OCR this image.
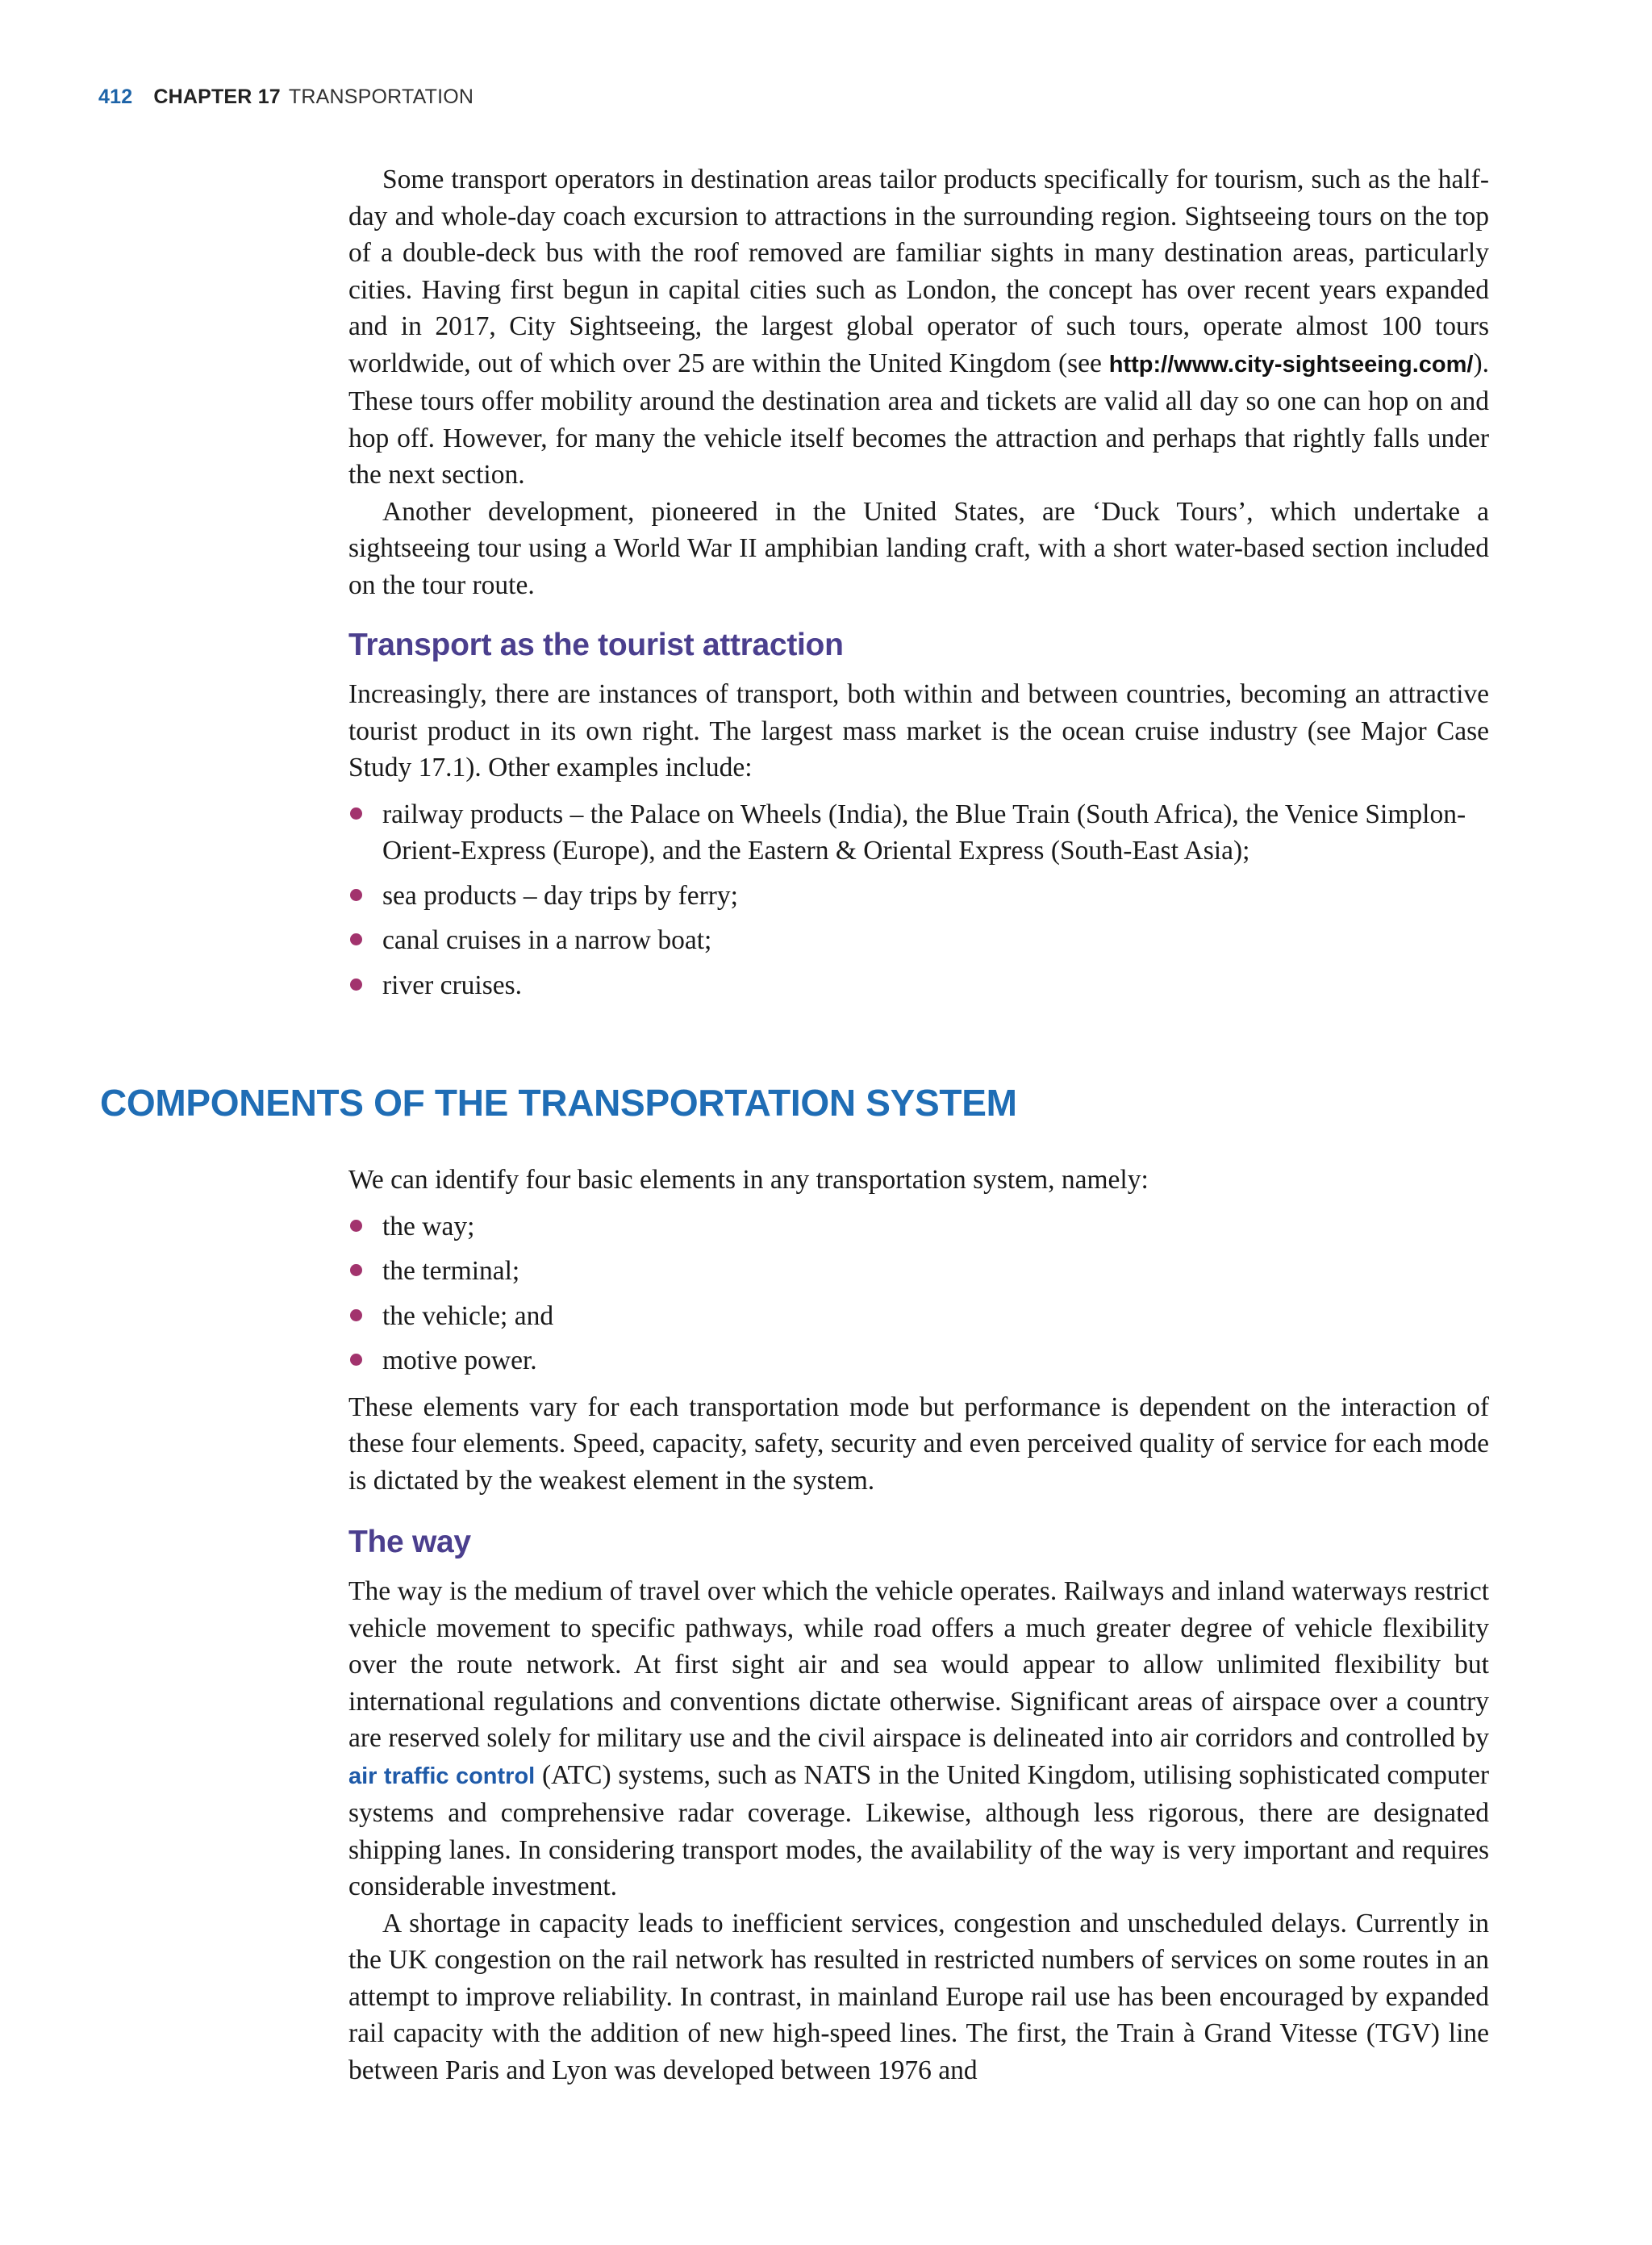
412 CHAPTER 17 TRANSPORTATION

Some transport operators in destination areas tailor products specifically for tourism, such as the half-day and whole-day coach excursion to attractions in the surrounding region. Sightseeing tours on the top of a double-deck bus with the roof removed are familiar sights in many destination areas, particularly cities. Having first begun in capital cities such as London, the concept has over recent years expanded and in 2017, City Sightseeing, the largest global operator of such tours, operate almost 100 tours worldwide, out of which over 25 are within the United Kingdom (see http://www.city-sightseeing.com/). These tours offer mobility around the destination area and tickets are valid all day so one can hop on and hop off. However, for many the vehicle itself becomes the attraction and perhaps that rightly falls under the next section.

Another development, pioneered in the United States, are ‘Duck Tours’, which undertake a sightseeing tour using a World War II amphibian landing craft, with a short water-based section included on the tour route.

Transport as the tourist attraction

Increasingly, there are instances of transport, both within and between countries, becoming an attractive tourist product in its own right. The largest mass market is the ocean cruise industry (see Major Case Study 17.1). Other examples include:

railway products – the Palace on Wheels (India), the Blue Train (South Africa), the Venice Simplon-Orient-Express (Europe), and the Eastern & Oriental Express (South-East Asia);
sea products – day trips by ferry;
canal cruises in a narrow boat;
river cruises.
COMPONENTS OF THE TRANSPORTATION SYSTEM

We can identify four basic elements in any transportation system, namely:

the way;
the terminal;
the vehicle; and
motive power.

These elements vary for each transportation mode but performance is dependent on the interaction of these four elements. Speed, capacity, safety, security and even perceived quality of service for each mode is dictated by the weakest element in the system.

The way

The way is the medium of travel over which the vehicle operates. Railways and inland waterways restrict vehicle movement to specific pathways, while road offers a much greater degree of vehicle flexibility over the route network. At first sight air and sea would appear to allow unlimited flexibility but international regulations and conventions dictate otherwise. Significant areas of airspace over a country are reserved solely for military use and the civil airspace is delineated into air corridors and controlled by air traffic control (ATC) systems, such as NATS in the United Kingdom, utilising sophisticated computer systems and comprehensive radar coverage. Likewise, although less rigorous, there are designated shipping lanes. In considering transport modes, the availability of the way is very important and requires considerable investment.

A shortage in capacity leads to inefficient services, congestion and unscheduled delays. Currently in the UK congestion on the rail network has resulted in restricted numbers of services on some routes in an attempt to improve reliability. In contrast, in mainland Europe rail use has been encouraged by expanded rail capacity with the addition of new high-speed lines. The first, the Train à Grand Vitesse (TGV) line between Paris and Lyon was developed between 1976 and
